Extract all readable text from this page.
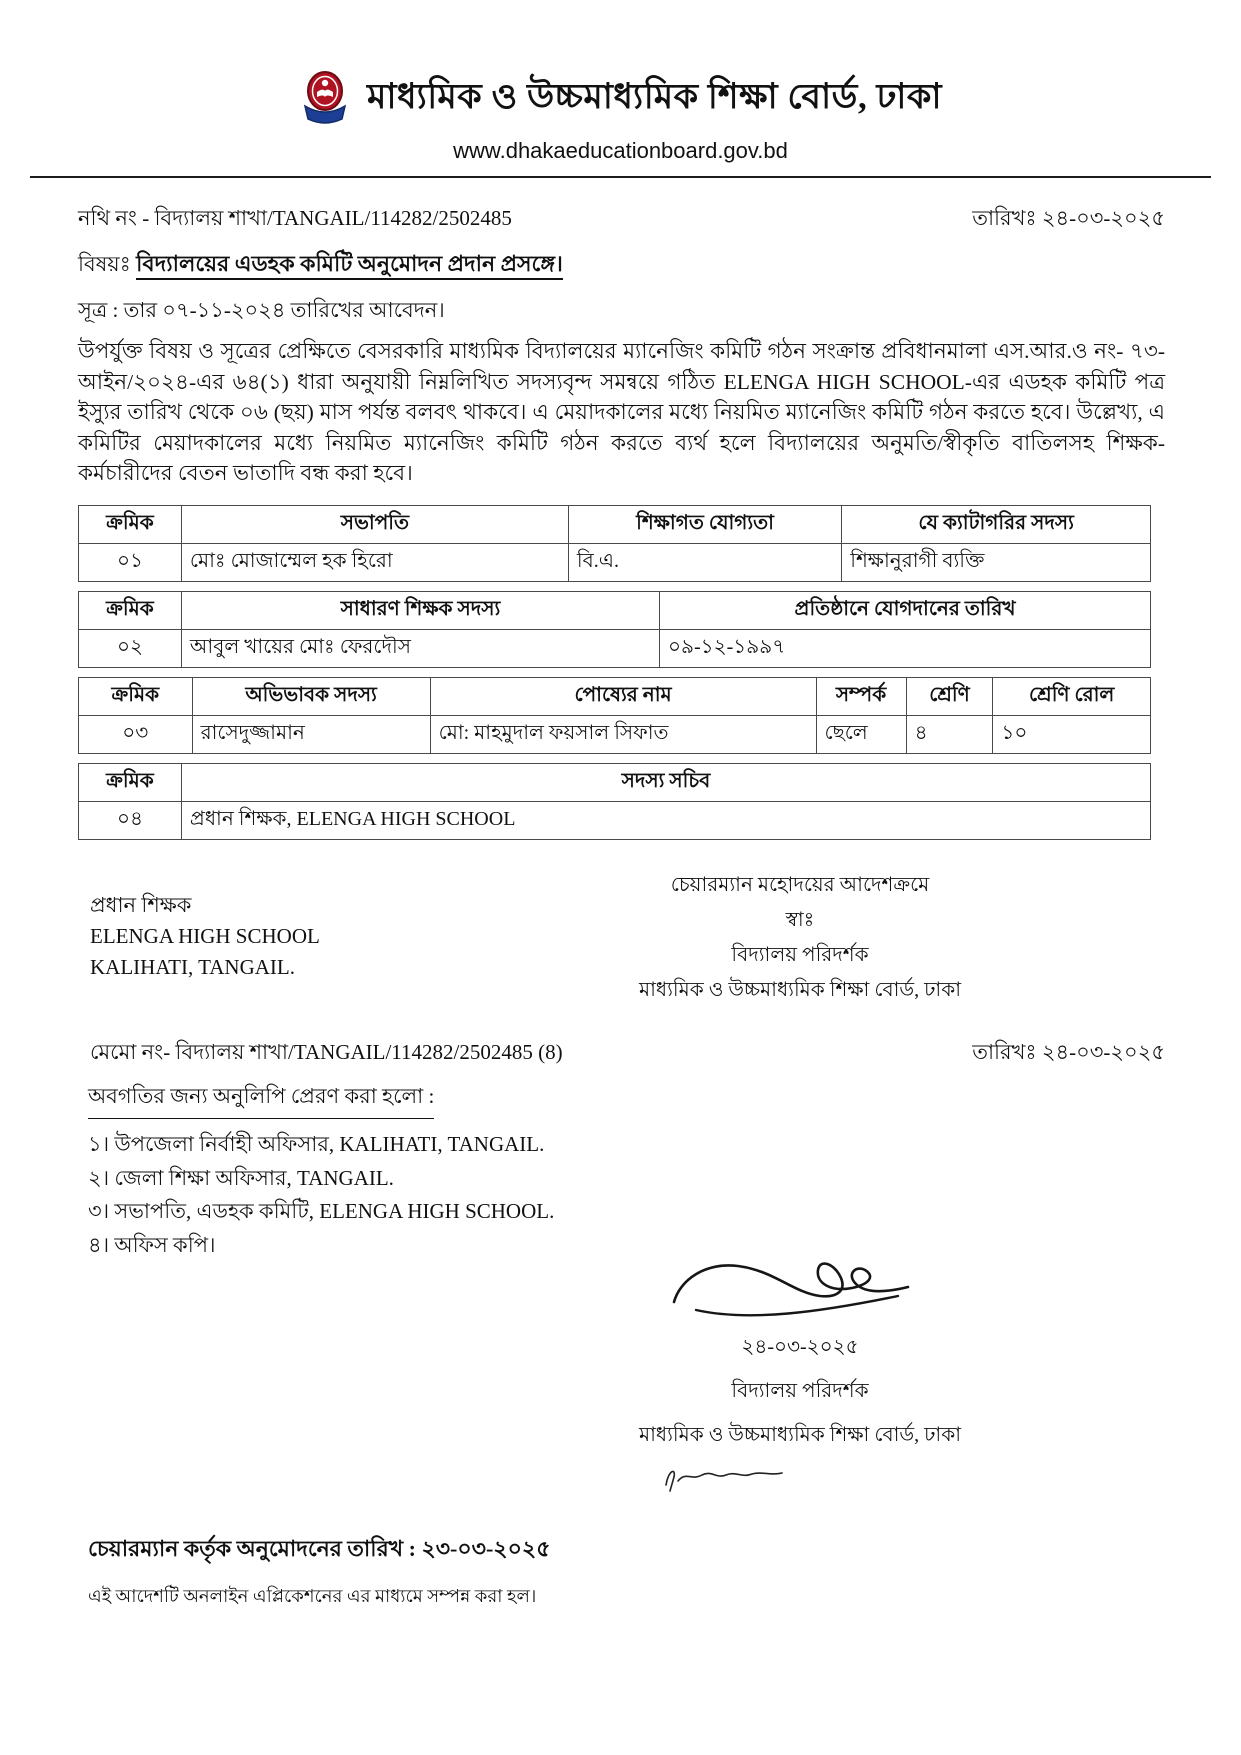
মাধ্যমিক ও উচ্চমাধ্যমিক শিক্ষা বোর্ড, ঢাকা
www.dhakaeducationboard.gov.bd
নথি নং - বিদ্যালয় শাখা/TANGAIL/114282/2502485	তারিখঃ ২৪-০৩-২০২৫
বিষয়ঃ বিদ্যালয়ের এডহক কমিটি অনুমোদন প্রদান প্রসঙ্গে।
সূত্র : তার ০৭-১১-২০২৪ তারিখের আবেদন।
উপর্যুক্ত বিষয় ও সূত্রের প্রেক্ষিতে বেসরকারি মাধ্যমিক বিদ্যালয়ের ম্যানেজিং কমিটি গঠন সংক্রান্ত প্রবিধানমালা এস.আর.ও নং- ৭৩-আইন/২০২৪-এর ৬৪(১) ধারা অনুযায়ী নিম্নলিখিত সদস্যবৃন্দ সমন্বয়ে গঠিত ELENGA HIGH SCHOOL-এর এডহক কমিটি পত্র ইস্যুর তারিখ থেকে ০৬ (ছয়) মাস পর্যন্ত বলবৎ থাকবে। এ মেয়াদকালের মধ্যে নিয়মিত ম্যানেজিং কমিটি গঠন করতে হবে। উল্লেখ্য, এ কমিটির মেয়াদকালের মধ্যে নিয়মিত ম্যানেজিং কমিটি গঠন করতে ব্যর্থ হলে বিদ্যালয়ের অনুমতি/স্বীকৃতি বাতিলসহ শিক্ষক-কর্মচারীদের বেতন ভাতাদি বন্ধ করা হবে।
ক্রমিক	সভাপতি	শিক্ষাগত যোগ্যতা	যে ক্যাটাগরির সদস্য
০১	মোঃ মোজাম্মেল হক হিরো	বি.এ.	শিক্ষানুরাগী ব্যক্তি
ক্রমিক	সাধারণ শিক্ষক সদস্য	প্রতিষ্ঠানে যোগদানের তারিখ
০২	আবুল খায়ের মোঃ ফেরদৌস	০৯-১২-১৯৯৭
ক্রমিক	অভিভাবক সদস্য	পোষ্যের নাম	সম্পর্ক	শ্রেণি	শ্রেণি রোল
০৩	রাসেদুজ্জামান	মো: মাহমুদাল ফয়সাল সিফাত	ছেলে	৪	১০
ক্রমিক	সদস্য সচিব
০৪	প্রধান শিক্ষক, ELENGA HIGH SCHOOL
প্রধান শিক্ষক
ELENGA HIGH SCHOOL
KALIHATI, TANGAIL.
চেয়ারম্যান মহোদয়ের আদেশক্রমে
স্বাঃ
বিদ্যালয় পরিদর্শক
মাধ্যমিক ও উচ্চমাধ্যমিক শিক্ষা বোর্ড, ঢাকা
মেমো নং- বিদ্যালয় শাখা/TANGAIL/114282/2502485 (8)	তারিখঃ ২৪-০৩-২০২৫
অবগতির জন্য অনুলিপি প্রেরণ করা হলো :
১। উপজেলা নির্বাহী অফিসার, KALIHATI, TANGAIL.
২। জেলা শিক্ষা অফিসার, TANGAIL.
৩। সভাপতি, এডহক কমিটি, ELENGA HIGH SCHOOL.
৪। অফিস কপি।
২৪-০৩-২০২৫
বিদ্যালয় পরিদর্শক
মাধ্যমিক ও উচ্চমাধ্যমিক শিক্ষা বোর্ড, ঢাকা
চেয়ারম্যান কর্তৃক অনুমোদনের তারিখ : ২৩-০৩-২০২৫
এই আদেশটি অনলাইন এপ্লিকেশনের এর মাধ্যমে সম্পন্ন করা হল।
